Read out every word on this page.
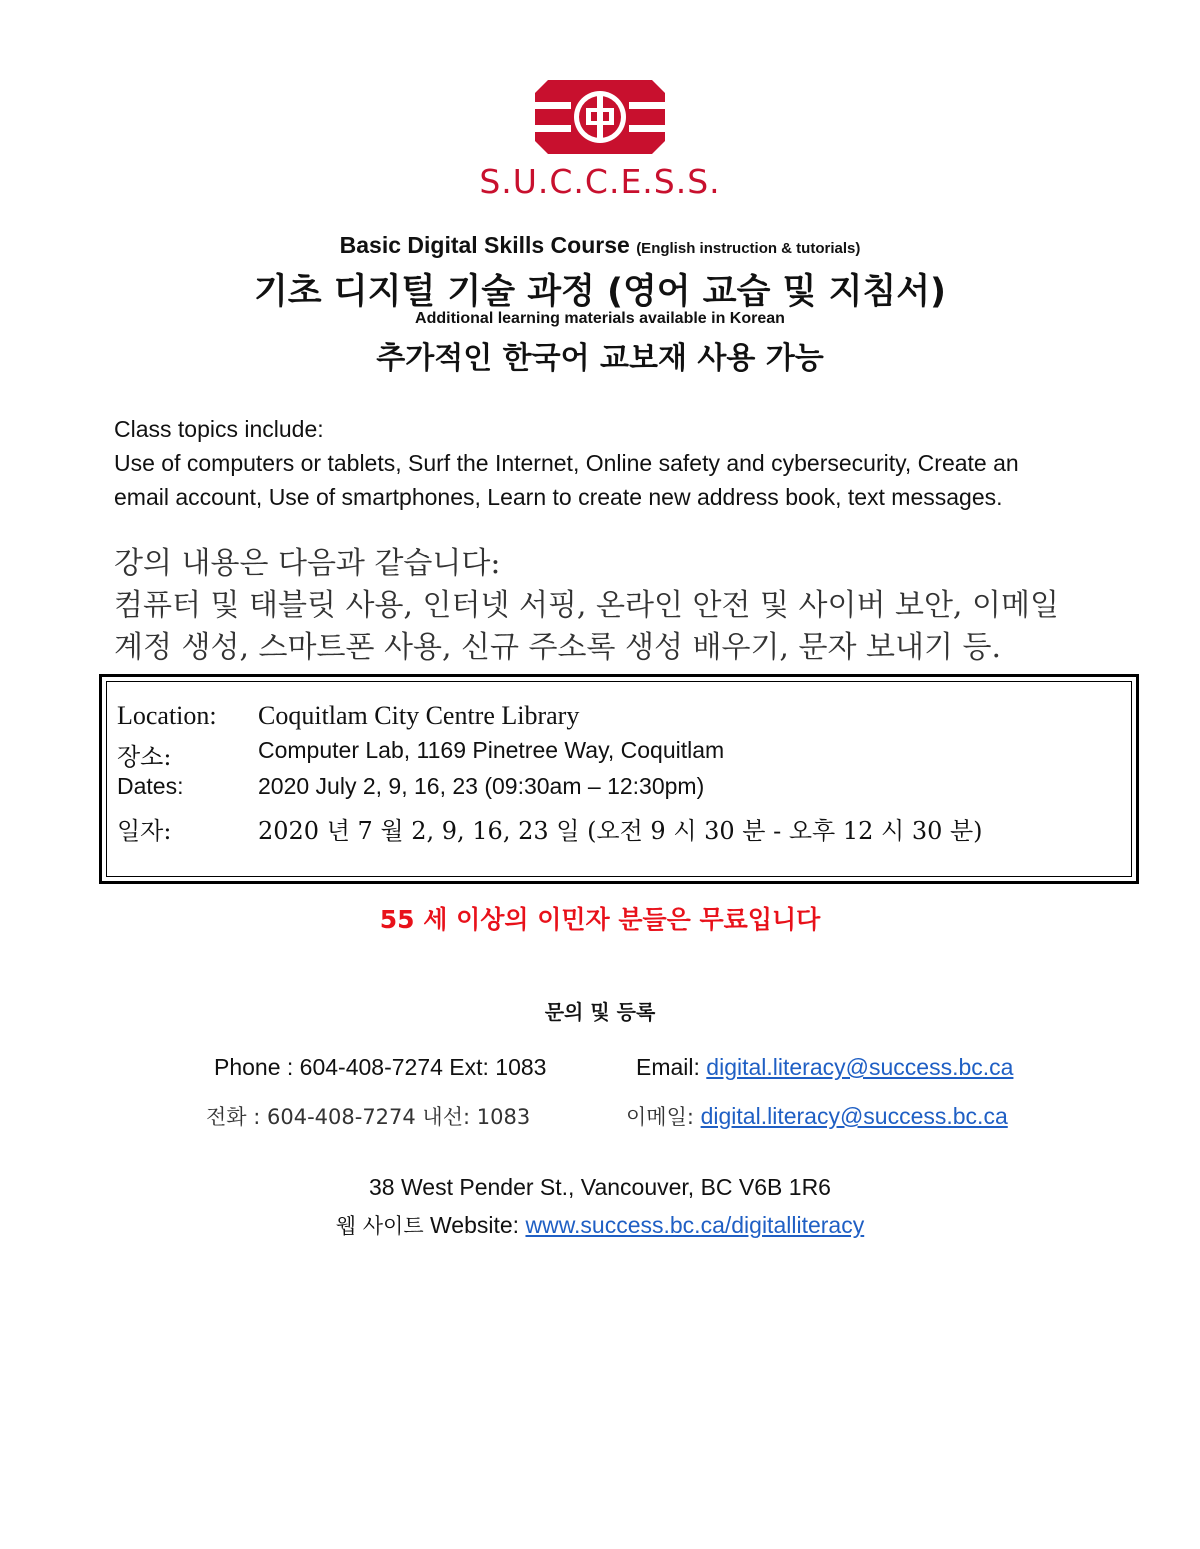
S.U.C.C.E.S.S.
Basic Digital Skills Course (English instruction & tutorials)
기초 디지털 기술 과정 (영어 교습 및 지침서)
Additional learning materials available in Korean
추가적인 한국어 교보재 사용 가능

Class topics include:

Use of computers or tablets, Surf the Internet, Online safety and cybersecurity, Create an

email account, Use of smartphones, Learn to create new address book, text messages.

강의 내용은 다음과 같습니다:

컴퓨터 및 태블릿 사용, 인터넷 서핑, 온라인 안전 및 사이버 보안, 이메일

계정 생성, 스마트폰 사용, 신규 주소록 생성 배우기, 문자 보내기 등.

Location:	Coquitlam City Centre Library
장소:	Computer Lab, 1169 Pinetree Way, Coquitlam
Dates:	2020 July 2, 9, 16, 23 (09:30am – 12:30pm)
일자:	2020 년 7 월 2, 9, 16, 23 일 (오전 9 시 30 분 - 오후 12 시 30 분)
55 세 이상의 이민자 분들은 무료입니다
문의 및 등록
Phone : 604-408-7274 Ext: 1083	Email: digital.literacy@success.bc.ca
전화 : 604-408-7274 내선: 1083	이메일: digital.literacy@success.bc.ca
38 West Pender St., Vancouver, BC V6B 1R6
웹 사이트 Website: www.success.bc.ca/digitalliteracy
